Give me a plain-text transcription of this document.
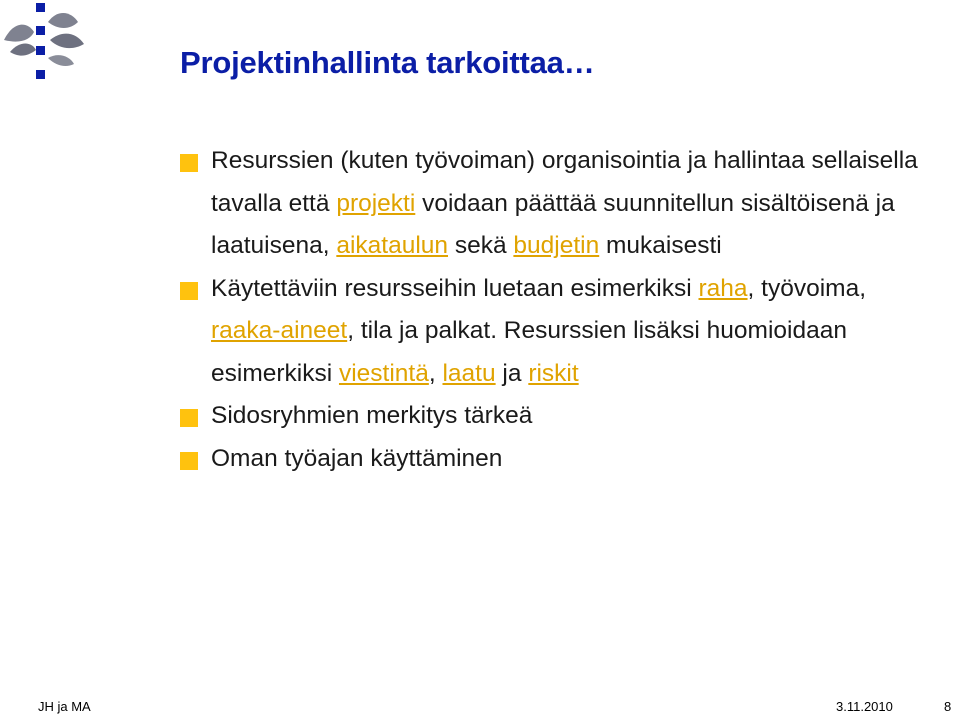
Projektinhallinta tarkoittaa…
Resurssien (kuten työvoiman) organisointia ja hallintaa sellaisella tavalla että projekti voidaan päättää suunnitellun sisältöisenä ja laatuisena, aikataulun sekä budjetin mukaisesti
Käytettäviin resursseihin luetaan esimerkiksi raha, työvoima, raaka-aineet, tila ja palkat. Resurssien lisäksi huomioidaan esimerkiksi viestintä, laatu ja riskit
Sidosryhmien merkitys tärkeä
Oman työajan käyttäminen
JH ja MA	3.11.2010	8
